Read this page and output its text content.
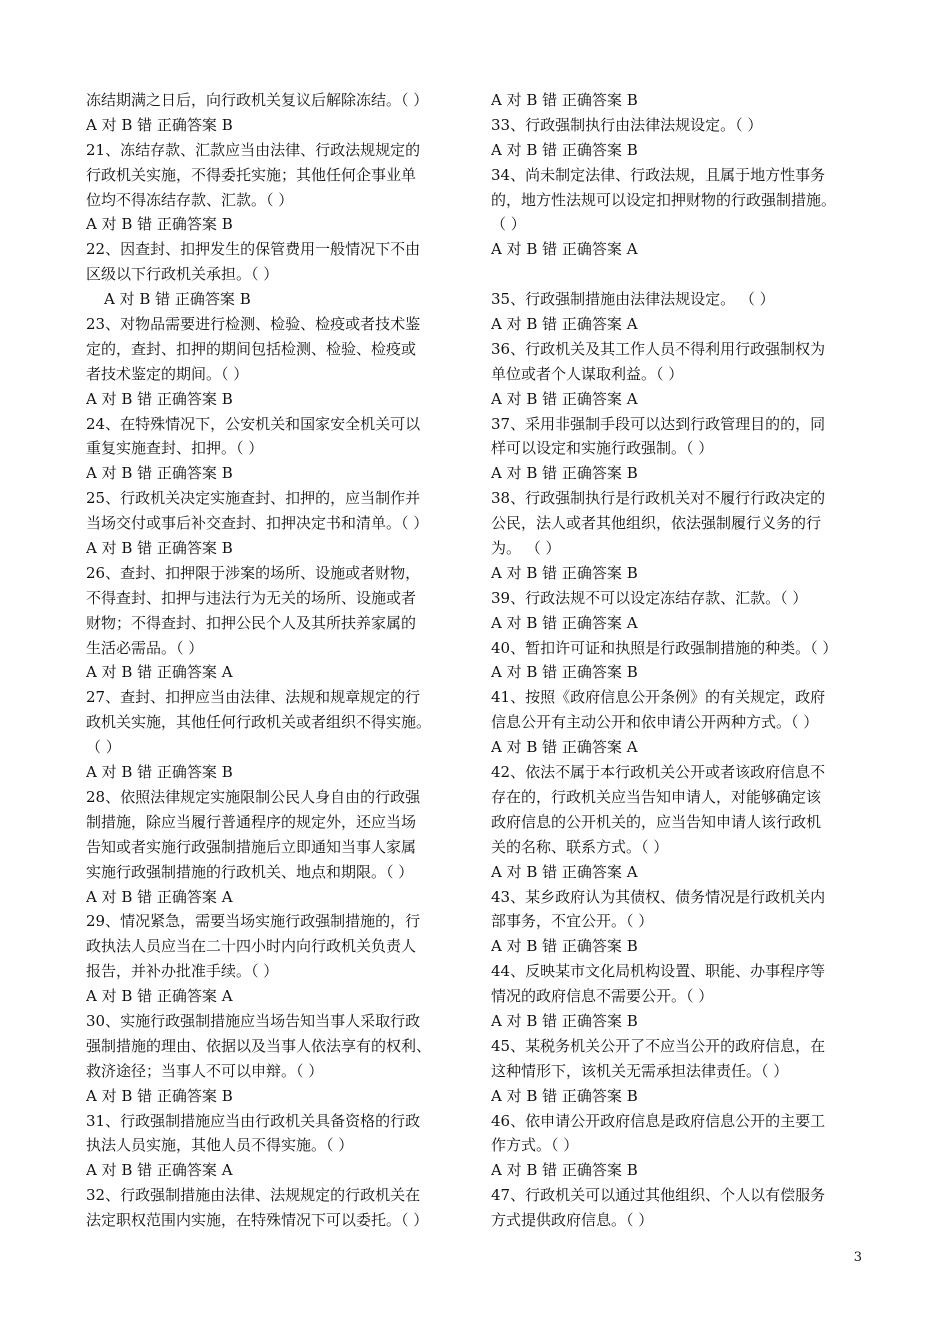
冻结期满之日后，向行政机关复议后解除冻结。（ ）
A 对 B 错 正确答案 B
21、冻结存款、汇款应当由法律、行政法规规定的
行政机关实施，不得委托实施；其他任何企事业单
位均不得冻结存款、汇款。（ ）
A 对 B 错 正确答案 B
22、因查封、扣押发生的保管费用一般情况下不由
区级以下行政机关承担。（ ）
A 对 B 错 正确答案 B
23、对物品需要进行检测、检验、检疫或者技术鉴
定的，查封、扣押的期间包括检测、检验、检疫或
者技术鉴定的期间。（ ）
A 对 B 错 正确答案 B
24、在特殊情况下，公安机关和国家安全机关可以
重复实施查封、扣押。（ ）
A 对 B 错 正确答案 B
25、行政机关决定实施查封、扣押的，应当制作并
当场交付或事后补交查封、扣押决定书和清单。（ ）
A 对 B 错 正确答案 B
26、查封、扣押限于涉案的场所、设施或者财物，
不得查封、扣押与违法行为无关的场所、设施或者
财物；不得查封、扣押公民个人及其所扶养家属的
生活必需品。（ ）
A 对 B 错 正确答案 A
27、查封、扣押应当由法律、法规和规章规定的行
政机关实施，其他任何行政机关或者组织不得实施。
（ ）
A 对 B 错 正确答案 B
28、依照法律规定实施限制公民人身自由的行政强
制措施，除应当履行普通程序的规定外，还应当场
告知或者实施行政强制措施后立即通知当事人家属
实施行政强制措施的行政机关、地点和期限。（ ）
A 对 B 错 正确答案 A
29、情况紧急，需要当场实施行政强制措施的，行
政执法人员应当在二十四小时内向行政机关负责人
报告，并补办批准手续。（ ）
A 对 B 错 正确答案 A
30、实施行政强制措施应当场告知当事人采取行政
强制措施的理由、依据以及当事人依法享有的权利、
救济途径；当事人不可以申辩。（ ）
A 对 B 错 正确答案 B
31、行政强制措施应当由行政机关具备资格的行政
执法人员实施，其他人员不得实施。（ ）
A 对 B 错 正确答案 A
32、行政强制措施由法律、法规规定的行政机关在
法定职权范围内实施，在特殊情况下可以委托。（ ）
A 对 B 错 正确答案 B
33、行政强制执行由法律法规设定。（ ）
A 对 B 错 正确答案 B
34、尚未制定法律、行政法规，且属于地方性事务
的，地方性法规可以设定扣押财物的行政强制措施。
（ ）
A 对 B 错 正确答案 A
35、行政强制措施由法律法规设定。 （ ）
A 对 B 错 正确答案 A
36、行政机关及其工作人员不得利用行政强制权为
单位或者个人谋取利益。（ ）
A 对 B 错 正确答案 A
37、采用非强制手段可以达到行政管理目的的，同
样可以设定和实施行政强制。（ ）
A 对 B 错 正确答案 B
38、行政强制执行是行政机关对不履行行政决定的
公民，法人或者其他组织，依法强制履行义务的行
为。 （ ）
A 对 B 错 正确答案 B
39、行政法规不可以设定冻结存款、汇款。（ ）
A 对 B 错 正确答案 A
40、暂扣许可证和执照是行政强制措施的种类。（ ）
A 对 B 错 正确答案 B
41、按照《政府信息公开条例》的有关规定，政府
信息公开有主动公开和依申请公开两种方式。（ ）
A 对 B 错 正确答案 A
42、依法不属于本行政机关公开或者该政府信息不
存在的，行政机关应当告知申请人，对能够确定该
政府信息的公开机关的，应当告知申请人该行政机
关的名称、联系方式。（ ）
A 对 B 错 正确答案 A
43、某乡政府认为其债权、债务情况是行政机关内
部事务，不宜公开。（ ）
A 对 B 错 正确答案 B
44、反映某市文化局机构设置、职能、办事程序等
情况的政府信息不需要公开。（ ）
A 对 B 错 正确答案 B
45、某税务机关公开了不应当公开的政府信息，在
这种情形下，该机关无需承担法律责任。（ ）
A 对 B 错 正确答案 B
46、依申请公开政府信息是政府信息公开的主要工
作方式。（ ）
A 对 B 错 正确答案 B
47、行政机关可以通过其他组织、个人以有偿服务
方式提供政府信息。（ ）
3
